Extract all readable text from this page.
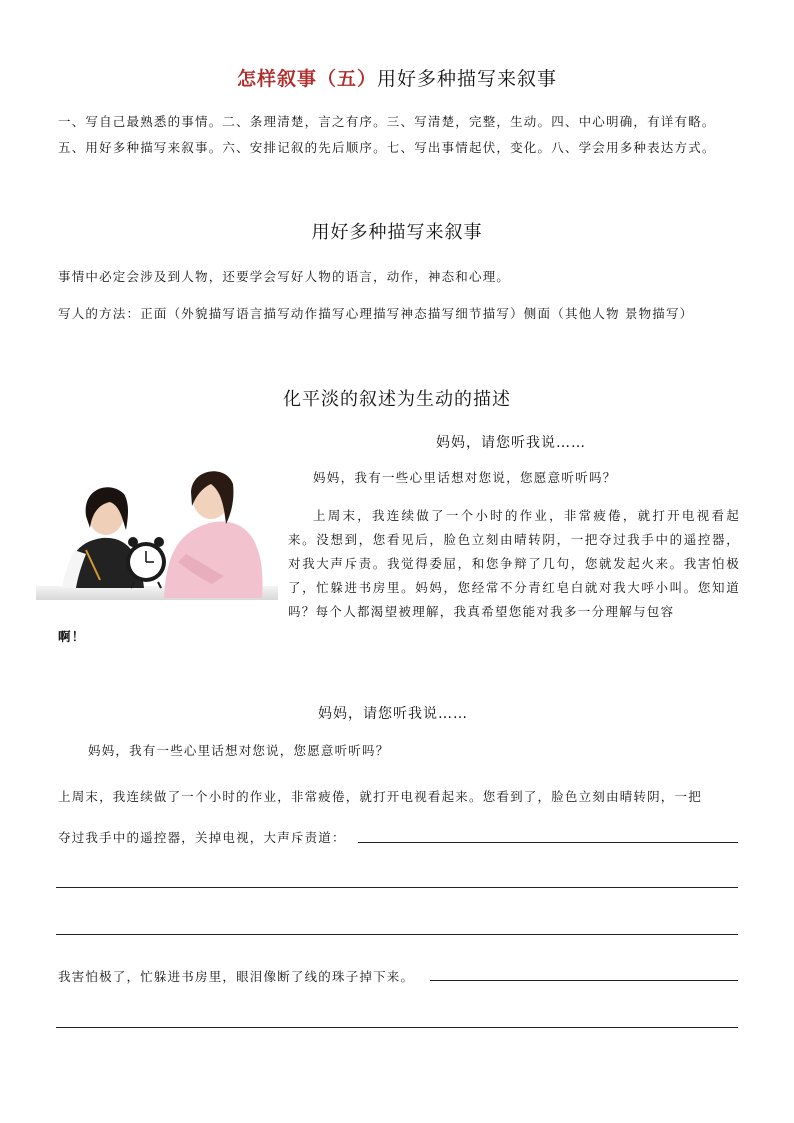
怎样叙事（五）用好多种描写来叙事
一、写自己最熟悉的事情。二、条理清楚，言之有序。三、写清楚，完整，生动。四、中心明确，有详有略。
五、用好多种描写来叙事。六、安排记叙的先后顺序。七、写出事情起伏，变化。八、学会用多种表达方式。
用好多种描写来叙事
事情中必定会涉及到人物，还要学会写好人物的语言，动作，神态和心理。
写人的方法：正面（外貌描写语言描写动作描写心理描写神态描写细节描写）侧面（其他人物 景物描写）
化平淡的叙述为生动的描述
妈妈，请您听我说……

妈妈，我有一些心里话想对您说，您愿意听听吗？

上周末，我连续做了一个小时的作业，非常疲倦，就打开电视看起来。没想到，您看见后，脸色立刻由晴转阴，一把夺过我手中的遥控器，对我大声斥责。我觉得委屈，和您争辩了几句，您就发起火来。我害怕极了，忙躲进书房里。妈妈，您经常不分青红皂白就对我大呼小叫。您知道吗？每个人都渴望被理解，我真希望您能对我多一分理解与包容

啊！
妈妈，请您听我说……
妈妈，我有一些心里话想对您说，您愿意听听吗？
上周末，我连续做了一个小时的作业，非常疲倦，就打开电视看起来。您看到了，脸色立刻由晴转阴，一把
夺过我手中的遥控器，关掉电视，大声斥责道：
我害怕极了，忙躲进书房里，眼泪像断了线的珠子掉下来。
